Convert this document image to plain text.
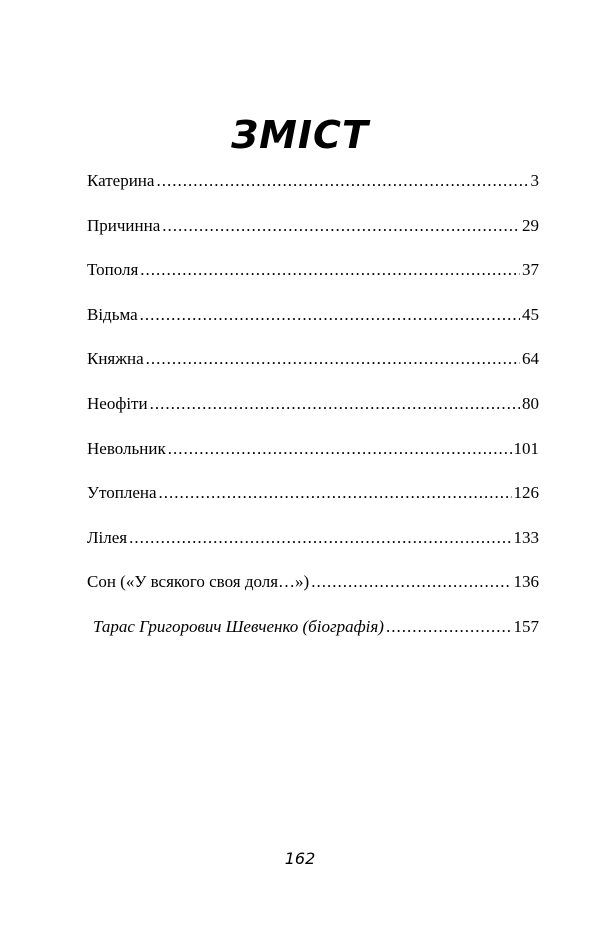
ЗМІСТ
Катерина .....	3
Причинна .....	29
Тополя .....	37
Відьма .....	45
Княжна .....	64
Неофіти .....	80
Невольник .....	101
Утоплена .....	126
Лілея .....	133
Сон («У всякого своя доля…») .....	136
Тарас Григорович Шевченко (біографія) .....	157
162
